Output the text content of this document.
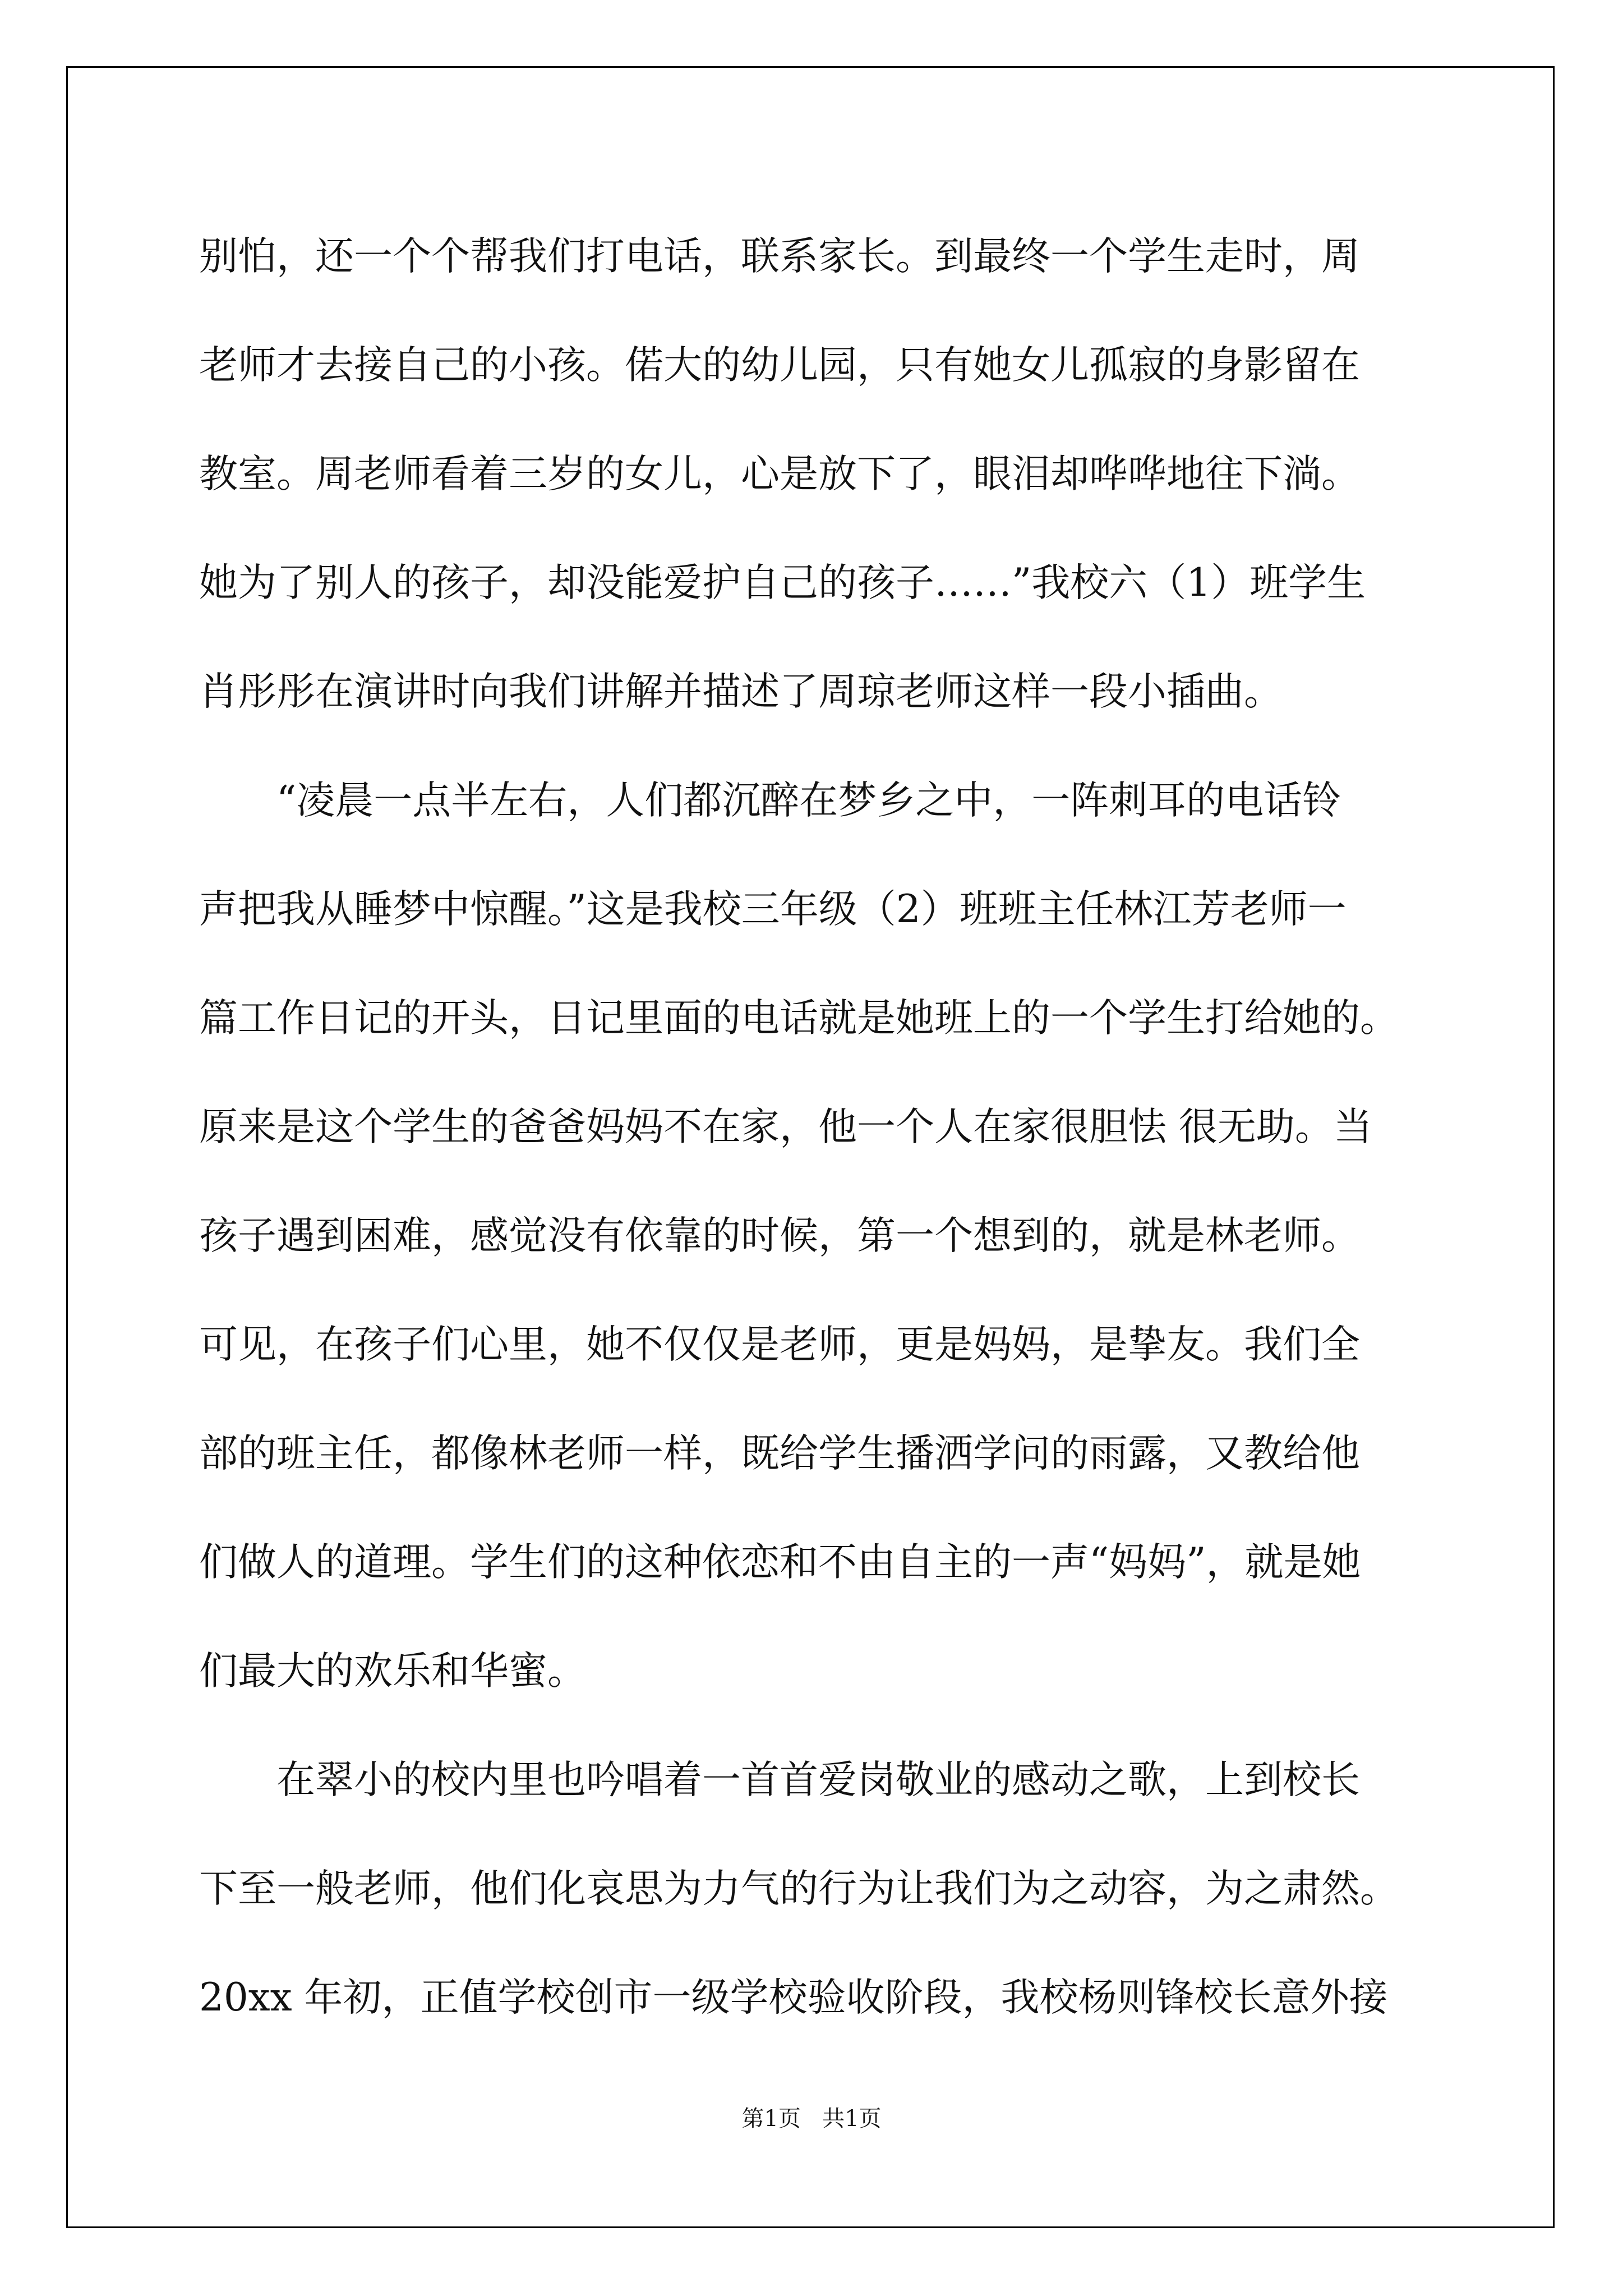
别怕，还一个个帮我们打电话，联系家长。到最终一个学生走时，周
老师才去接自己的小孩。偌大的幼儿园，只有她女儿孤寂的身影留在
教室。周老师看着三岁的女儿，心是放下了，眼泪却哗哗地往下淌。
她为了别人的孩子，却没能爱护自己的孩子……”我校六（1）班学生
肖彤彤在演讲时向我们讲解并描述了周琼老师这样一段小插曲。
“凌晨一点半左右，人们都沉醉在梦乡之中，一阵刺耳的电话铃
声把我从睡梦中惊醒。”这是我校三年级（2）班班主任林江芳老师一
篇工作日记的开头，日记里面的电话就是她班上的一个学生打给她的。
原来是这个学生的爸爸妈妈不在家，他一个人在家很胆怯 很无助。当
孩子遇到困难，感觉没有依靠的时候，第一个想到的，就是林老师。
可见，在孩子们心里，她不仅仅是老师，更是妈妈，是挚友。我们全
部的班主任，都像林老师一样，既给学生播洒学问的雨露，又教给他
们做人的道理。学生们的这种依恋和不由自主的一声“妈妈”，就是她
们最大的欢乐和华蜜。
在翠小的校内里也吟唱着一首首爱岗敬业的感动之歌，上到校长
下至一般老师，他们化哀思为力气的行为让我们为之动容，为之肃然。
20xx 年初，正值学校创市一级学校验收阶段，我校杨则锋校长意外接
第1页 共1页
